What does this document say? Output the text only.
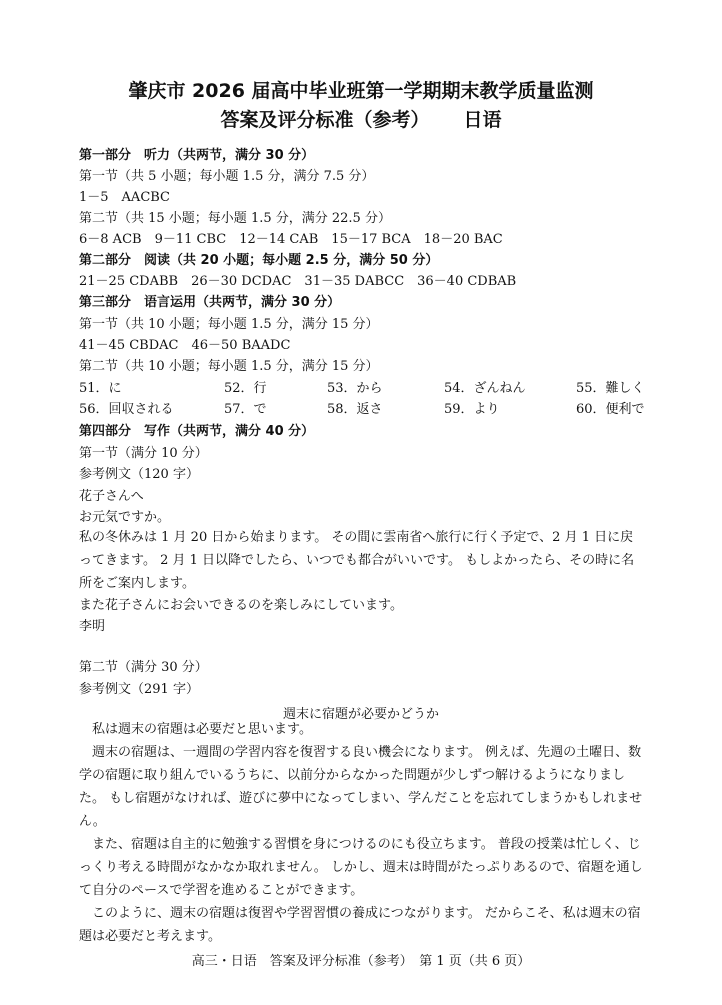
肇庆市 2026 届高中毕业班第一学期期末教学质量监测
答案及评分标准（参考） 日语
第一部分　听力（共两节，满分 30 分）
第一节（共 5 小题；每小题 1.5 分，满分 7.5 分）
1－5　AACBC
第二节（共 15 小题；每小题 1.5 分，满分 22.5 分）
6－8 ACB　9－11 CBC　12－14 CAB　15－17 BCA　18－20 BAC
第二部分　阅读（共 20 小题；每小题 2.5 分，满分 50 分）
21－25 CDABB　26－30 DCDAC　31－35 DABCC　36－40 CDBAB
第三部分　语言运用（共两节，满分 30 分）
第一节（共 10 小题；每小题 1.5 分，满分 15 分）
41－45 CBDAC　46－50 BAADC
第二节（共 10 小题；每小题 1.5 分，满分 15 分）
51．に	52．行	53．から	54．ざんねん	55．難しく
56．回収される	57．で	58．返さ	59．より	60．便利で
第四部分　写作（共两节，满分 40 分）
第一节（满分 10 分）
参考例文（120 字）
花子さんへ
お元気ですか。
私の冬休みは 1 月 20 日から始まります。 その間に雲南省へ旅行に行く予定で、2 月 1 日に戻ってきます。 2 月 1 日以降でしたら、いつでも都合がいいです。 もしよかったら、その時に名所をご案内します。
また花子さんにお会いできるのを楽しみにしています。
李明
第二节（满分 30 分）
参考例文（291 字）
週末に宿題が必要かどうか
私は週末の宿題は必要だと思います。
週末の宿題は、一週間の学習内容を復習する良い機会になります。 例えば、先週の土曜日、数学の宿題に取り組んでいるうちに、以前分からなかった問題が少しずつ解けるようになりました。 もし宿題がなければ、遊びに夢中になってしまい、学んだことを忘れてしまうかもしれません。
また、宿題は自主的に勉強する習慣を身につけるのにも役立ちます。 普段の授業は忙しく、じっくり考える時間がなかなか取れません。 しかし、週末は時間がたっぷりあるので、宿題を通して自分のペースで学習を進めることができます。
このように、週末の宿題は復習や学習習慣の養成につながります。 だからこそ、私は週末の宿題は必要だと考えます。
高三・日语　答案及评分标准（参考）　第 1 页（共 6 页）
